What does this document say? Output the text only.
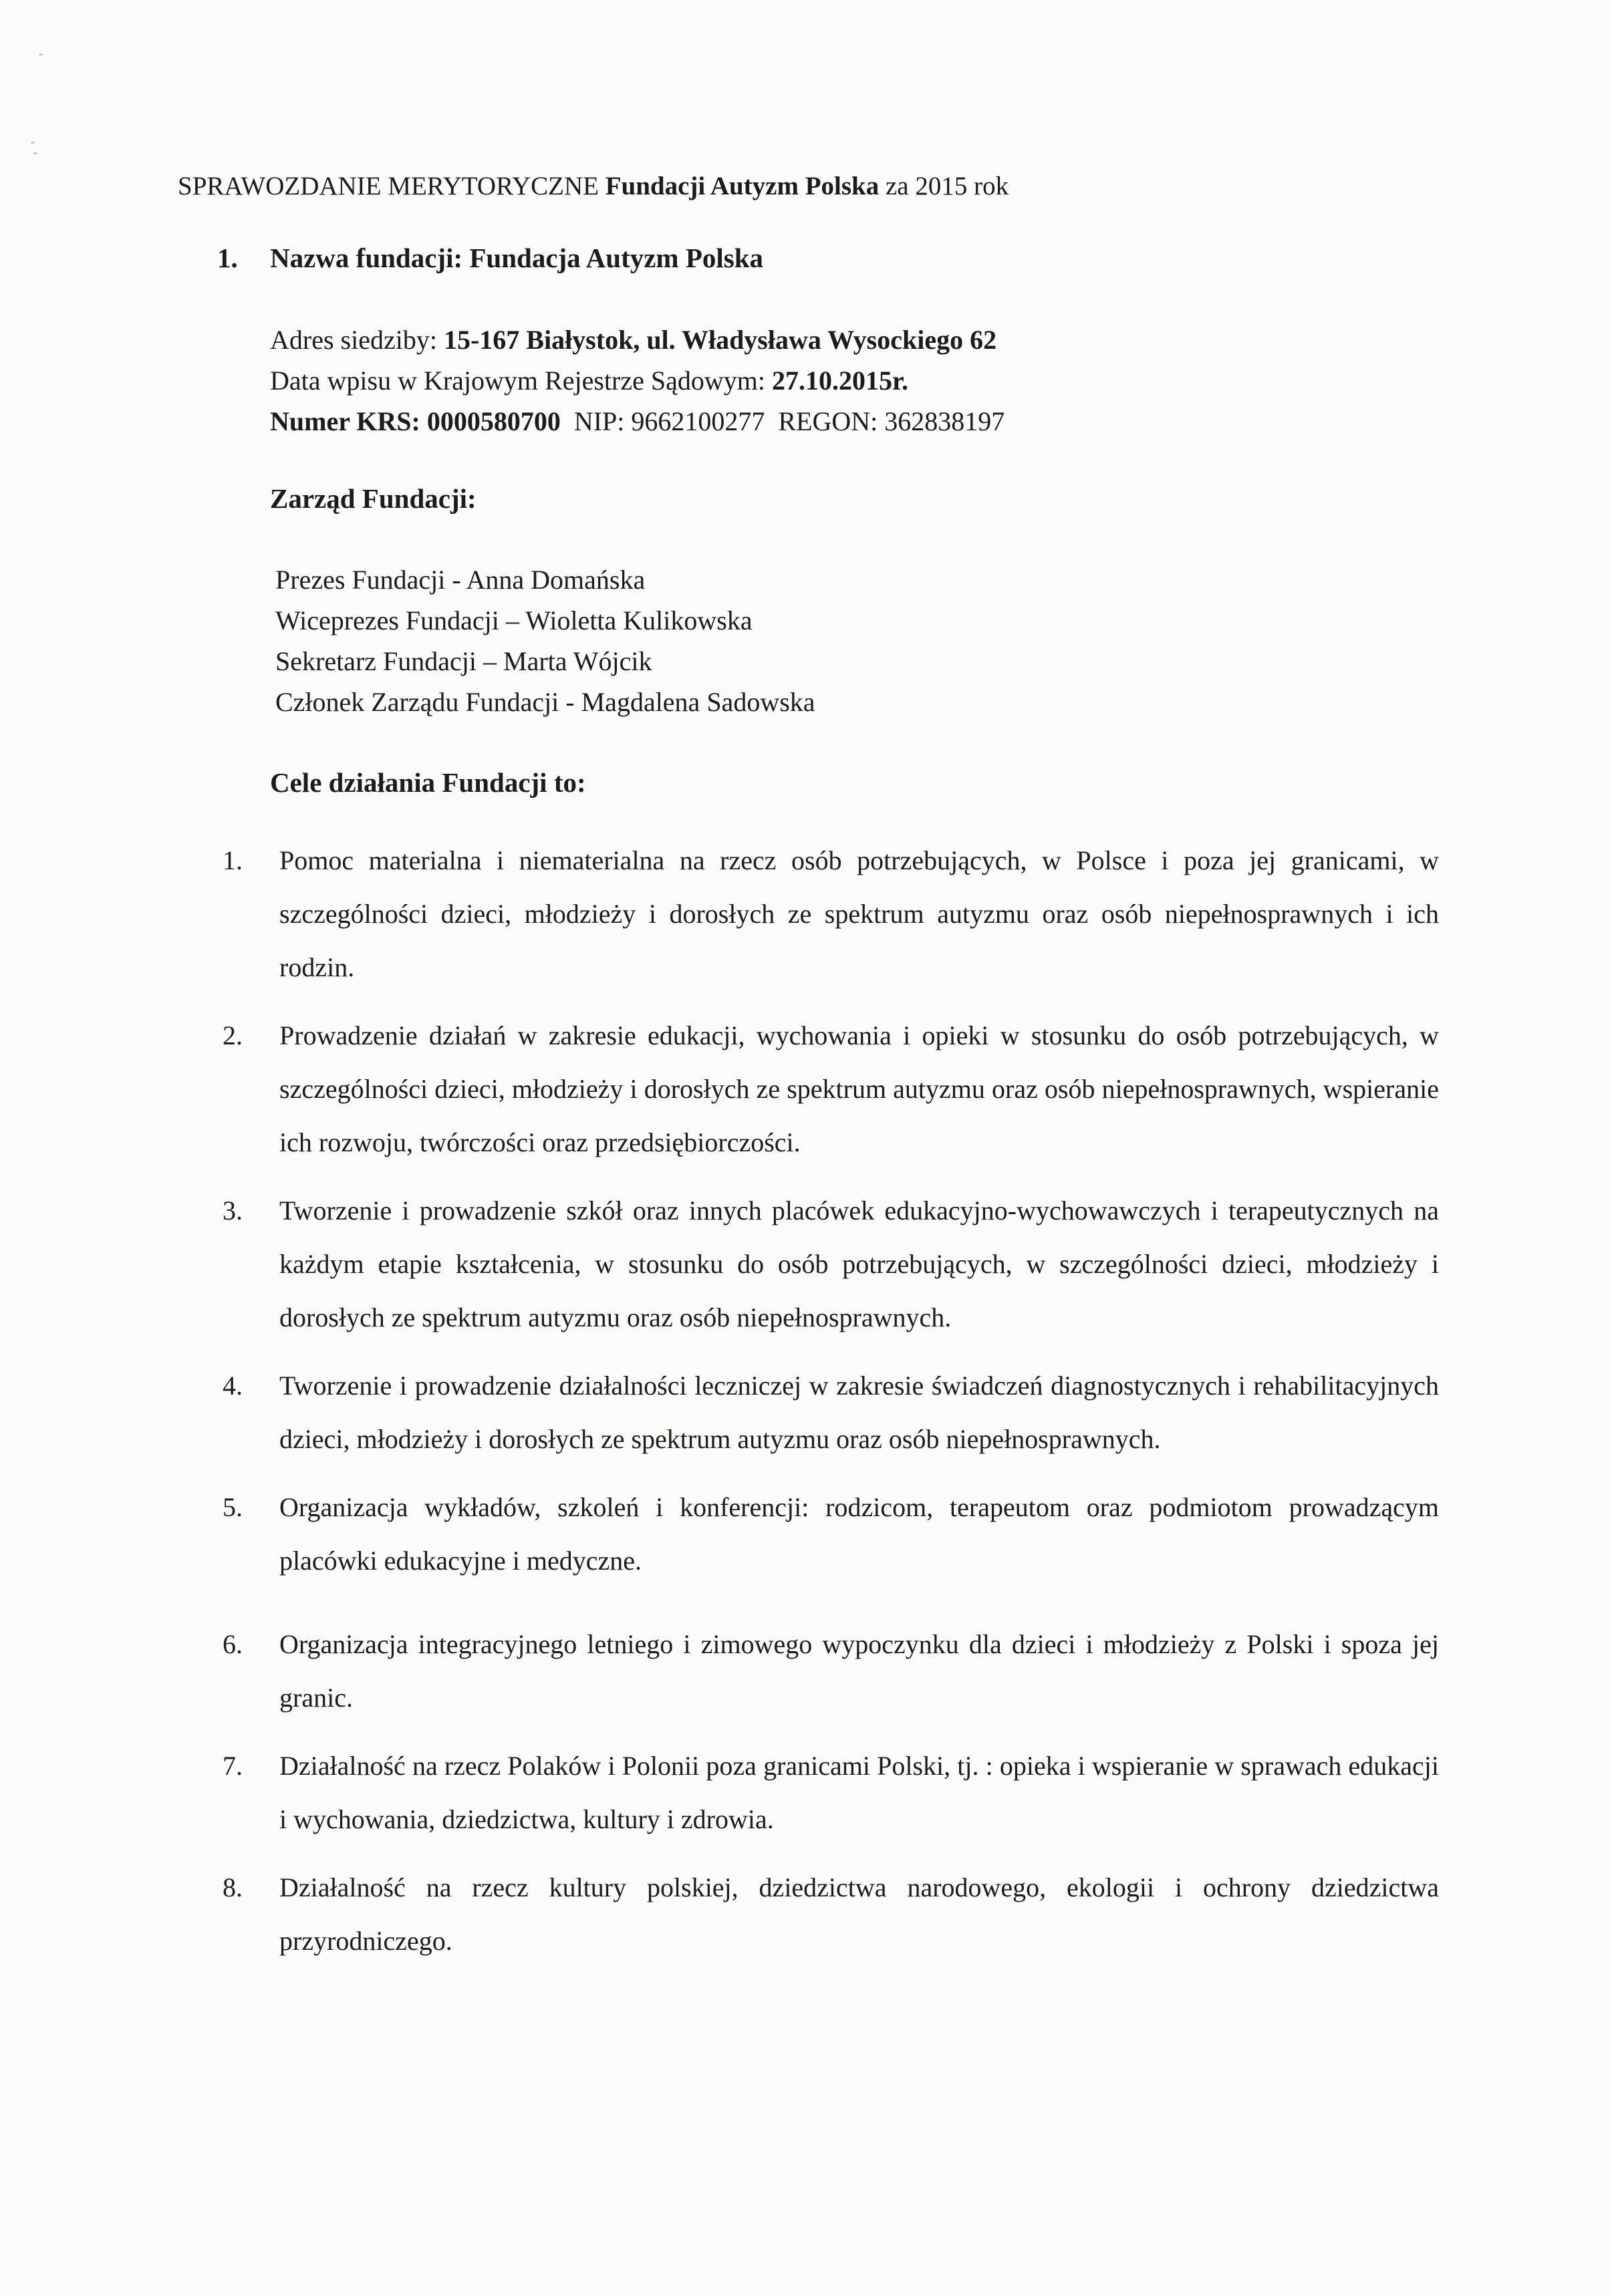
SPRAWOZDANIE MERYTORYCZNE Fundacji Autyzm Polska za 2015 rok
1. Nazwa fundacji: Fundacja Autyzm Polska
Adres siedziby: 15-167 Białystok, ul. Władysława Wysockiego 62
Data wpisu w Krajowym Rejestrze Sądowym: 27.10.2015r.
Numer KRS: 0000580700  NIP: 9662100277  REGON: 362838197
Zarząd Fundacji:
Prezes Fundacji - Anna Domańska
Wiceprezes Fundacji – Wioletta Kulikowska
Sekretarz Fundacji – Marta Wójcik
Członek Zarządu Fundacji - Magdalena Sadowska
Cele działania Fundacji to:
1. Pomoc materialna i niematerialna na rzecz osób potrzebujących, w Polsce i poza jej granicami, w szczególności dzieci, młodzieży i dorosłych ze spektrum autyzmu oraz osób niepełnosprawnych i ich rodzin.
2. Prowadzenie działań w zakresie edukacji, wychowania i opieki w stosunku do osób potrzebujących, w szczególności dzieci, młodzieży i dorosłych ze spektrum autyzmu oraz osób niepełnosprawnych, wspieranie ich rozwoju, twórczości oraz przedsiębiorczości.
3. Tworzenie i prowadzenie szkół oraz innych placówek edukacyjno-wychowawczych i terapeutycznych na każdym etapie kształcenia, w stosunku do osób potrzebujących, w szczególności dzieci, młodzieży i dorosłych ze spektrum autyzmu oraz osób niepełnosprawnych.
4. Tworzenie i prowadzenie działalności leczniczej w zakresie świadczeń diagnostycznych i rehabilitacyjnych dzieci, młodzieży i dorosłych ze spektrum autyzmu oraz osób niepełnosprawnych.
5. Organizacja wykładów, szkoleń i konferencji: rodzicom, terapeutom oraz podmiotom prowadzącym placówki edukacyjne i medyczne.
6. Organizacja integracyjnego letniego i zimowego wypoczynku dla dzieci i młodzieży z Polski i spoza jej granic.
7. Działalność na rzecz Polaków i Polonii poza granicami Polski, tj. : opieka i wspieranie w sprawach edukacji i wychowania, dziedzictwa, kultury i zdrowia.
8. Działalność na rzecz kultury polskiej, dziedzictwa narodowego, ekologii i ochrony dziedzictwa przyrodniczego.
